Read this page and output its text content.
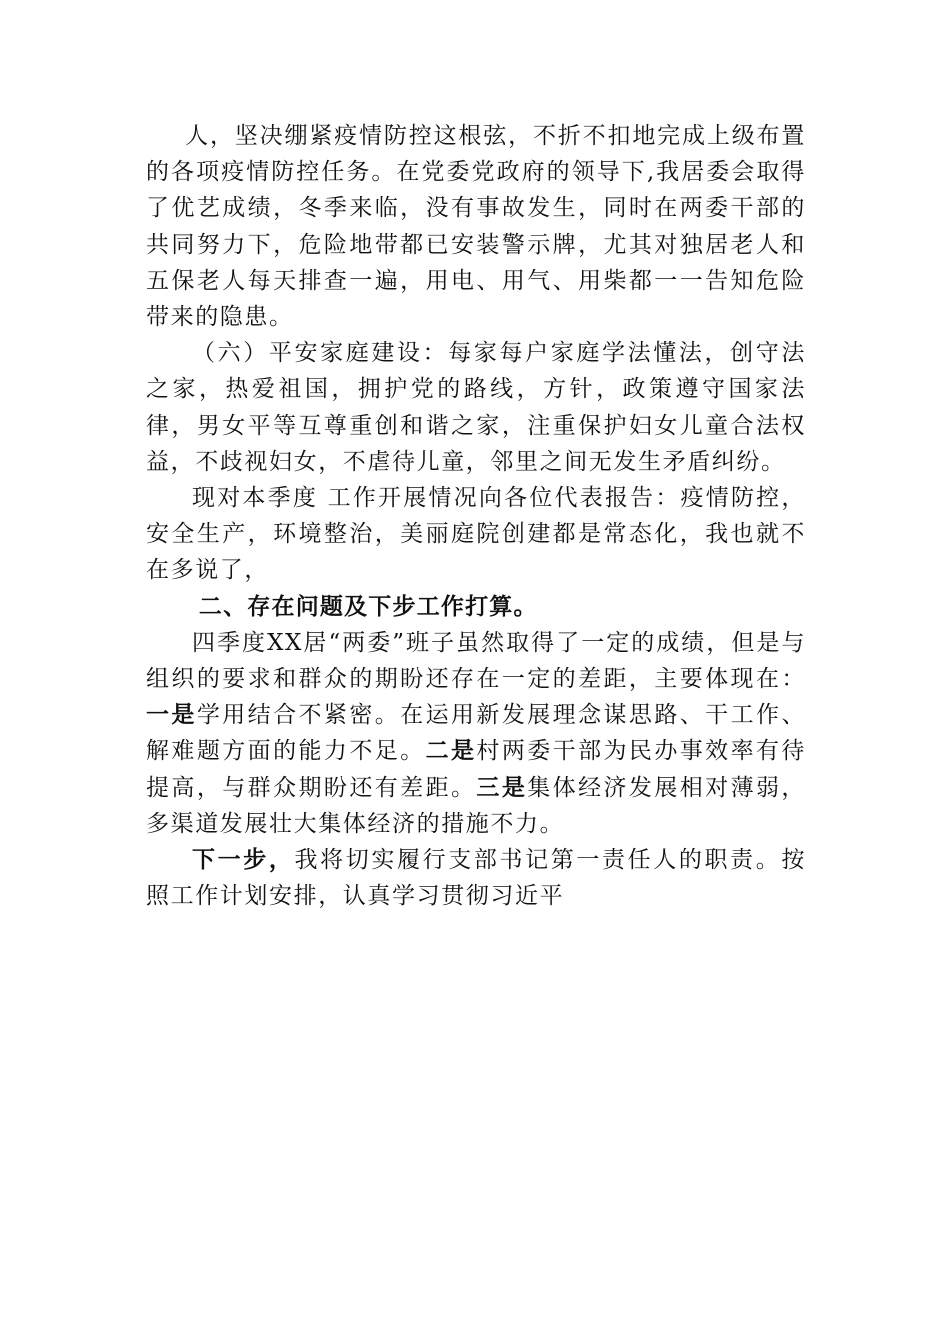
人，坚决绷紧疫情防控这根弦，不折不扣地完成上级布置的各项疫情防控任务。在党委党政府的领导下,我居委会取得了优艺成绩，冬季来临，没有事故发生，同时在两委干部的共同努力下，危险地带都已安装警示牌，尤其对独居老人和五保老人每天排查一遍，用电、用气、用柴都一一告知危险带来的隐患。

（六）平安家庭建设：每家每户家庭学法懂法，创守法之家，热爱祖国，拥护党的路线，方针，政策遵守国家法律，男女平等互尊重创和谐之家，注重保护妇女儿童合法权益，不歧视妇女，不虐待儿童，邻里之间无发生矛盾纠纷。

现对本季度 工作开展情况向各位代表报告：疫情防控，安全生产，环境整治，美丽庭院创建都是常态化，我也就不在多说了，

二、存在问题及下步工作打算。

四季度XX居“两委”班子虽然取得了一定的成绩，但是与组织的要求和群众的期盼还存在一定的差距，主要体现在：一是学用结合不紧密。在运用新发展理念谋思路、干工作、解难题方面的能力不足。二是村两委干部为民办事效率有待提高，与群众期盼还有差距。三是集体经济发展相对薄弱，多渠道发展壮大集体经济的措施不力。

下一步，我将切实履行支部书记第一责任人的职责。按照工作计划安排，认真学习贯彻习近平
